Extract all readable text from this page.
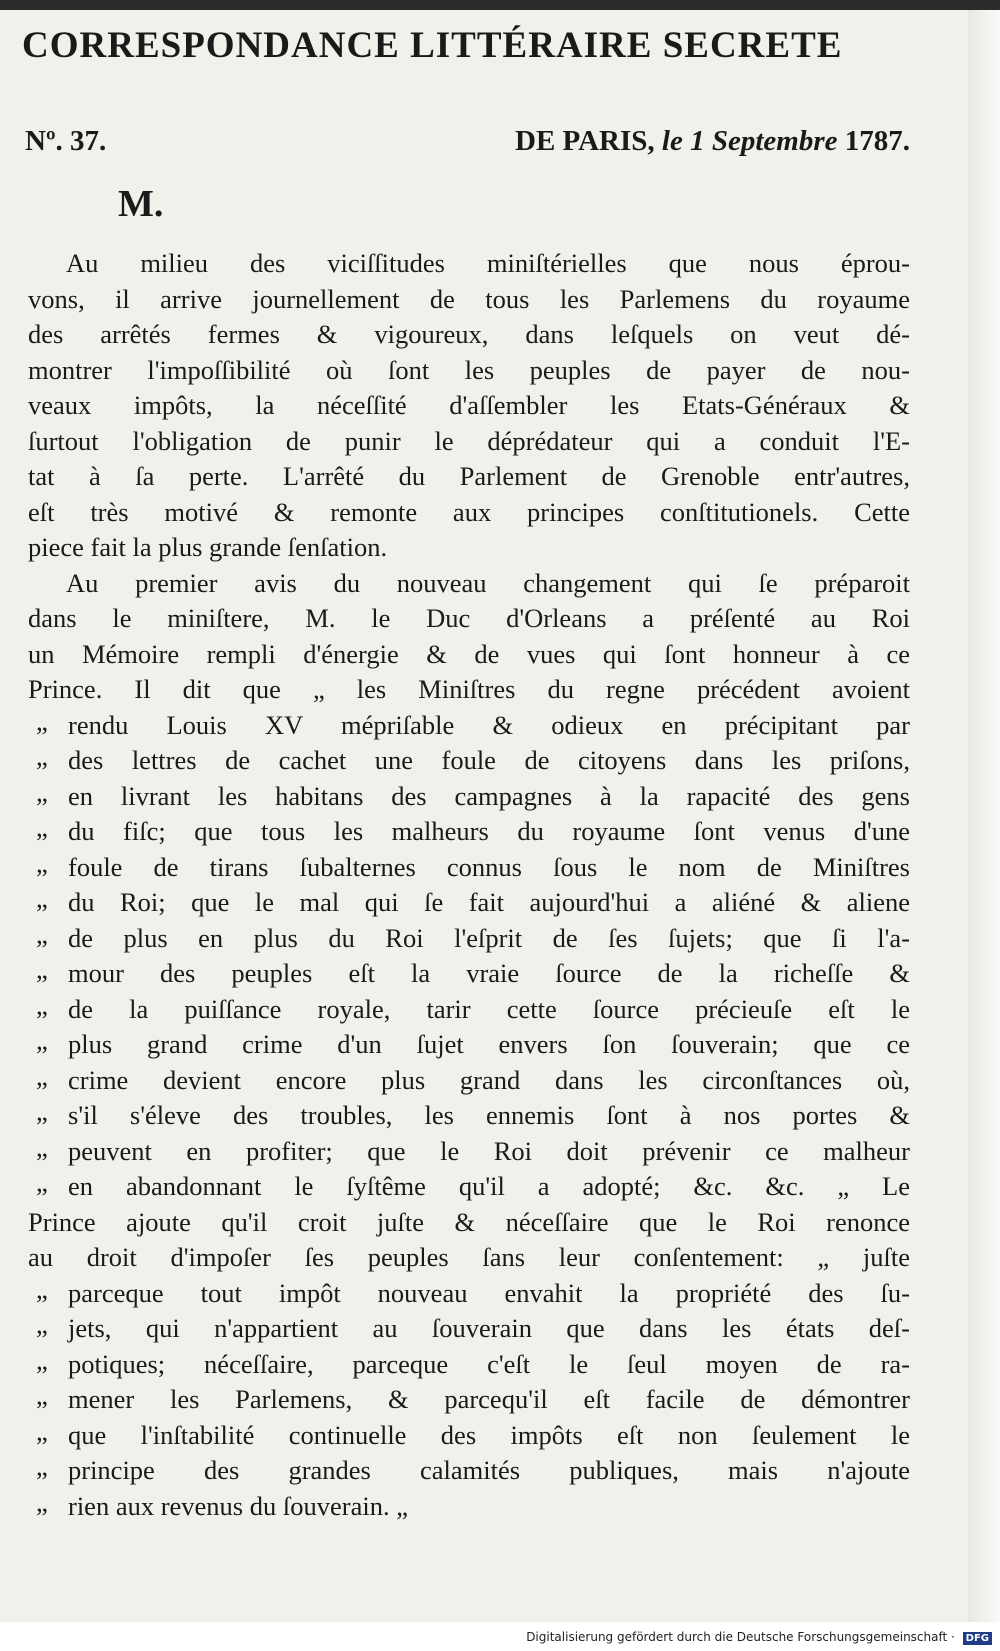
CORRESPONDANCE LITTÉRAIRE SECRETE
Nº. 37.	DE PARIS, le 1 Septembre 1787.
M.
Au milieu des viciſſitudes miniſtérielles que nous éprou-
vons, il arrive journellement de tous les Parlemens du royaume
des arrêtés fermes & vigoureux, dans leſquels on veut dé-
montrer l'impoſſibilité où ſont les peuples de payer de nou-
veaux impôts, la néceſſité d'aſſembler les Etats-Généraux &
ſurtout l'obligation de punir le déprédateur qui a conduit l'E-
tat à ſa perte. L'arrêté du Parlement de Grenoble entr'autres,
eſt très motivé & remonte aux principes conſtitutionels. Cette
piece fait la plus grande ſenſation.
Au premier avis du nouveau changement qui ſe préparoit
dans le miniſtere, M. le Duc d'Orleans a préſenté au Roi
un Mémoire rempli d'énergie & de vues qui ſont honneur à ce
Prince. Il dit que „ les Miniſtres du regne précédent avoient
„ rendu Louis XV mépriſable & odieux en précipitant par
„ des lettres de cachet une foule de citoyens dans les priſons,
„ en livrant les habitans des campagnes à la rapacité des gens
„ du fiſc; que tous les malheurs du royaume ſont venus d'une
„ foule de tirans ſubalternes connus ſous le nom de Miniſtres
„ du Roi; que le mal qui ſe fait aujourd'hui a aliéné & aliene
„ de plus en plus du Roi l'eſprit de ſes ſujets; que ſi l'a-
„ mour des peuples eſt la vraie ſource de la richeſſe &
„ de la puiſſance royale, tarir cette ſource précieuſe eſt le
„ plus grand crime d'un ſujet envers ſon ſouverain; que ce
„ crime devient encore plus grand dans les circonſtances où,
„ s'il s'éleve des troubles, les ennemis ſont à nos portes &
„ peuvent en profiter; que le Roi doit prévenir ce malheur
„ en abandonnant le ſyſtême qu'il a adopté; &c. &c. „ Le
Prince ajoute qu'il croit juſte & néceſſaire que le Roi renonce
au droit d'impoſer ſes peuples ſans leur conſentement: „ juſte
„ parceque tout impôt nouveau envahit la propriété des ſu-
„ jets, qui n'appartient au ſouverain que dans les états deſ-
„ potiques; néceſſaire, parceque c'eſt le ſeul moyen de ra-
„ mener les Parlemens, & parcequ'il eſt facile de démontrer
„ que l'inſtabilité continuelle des impôts eſt non ſeulement le
„ principe des grandes calamités publiques, mais n'ajoute
„ rien aux revenus du ſouverain. „
Digitalisierung gefördert durch die Deutsche Forschungsgemeinschaft · DFG
